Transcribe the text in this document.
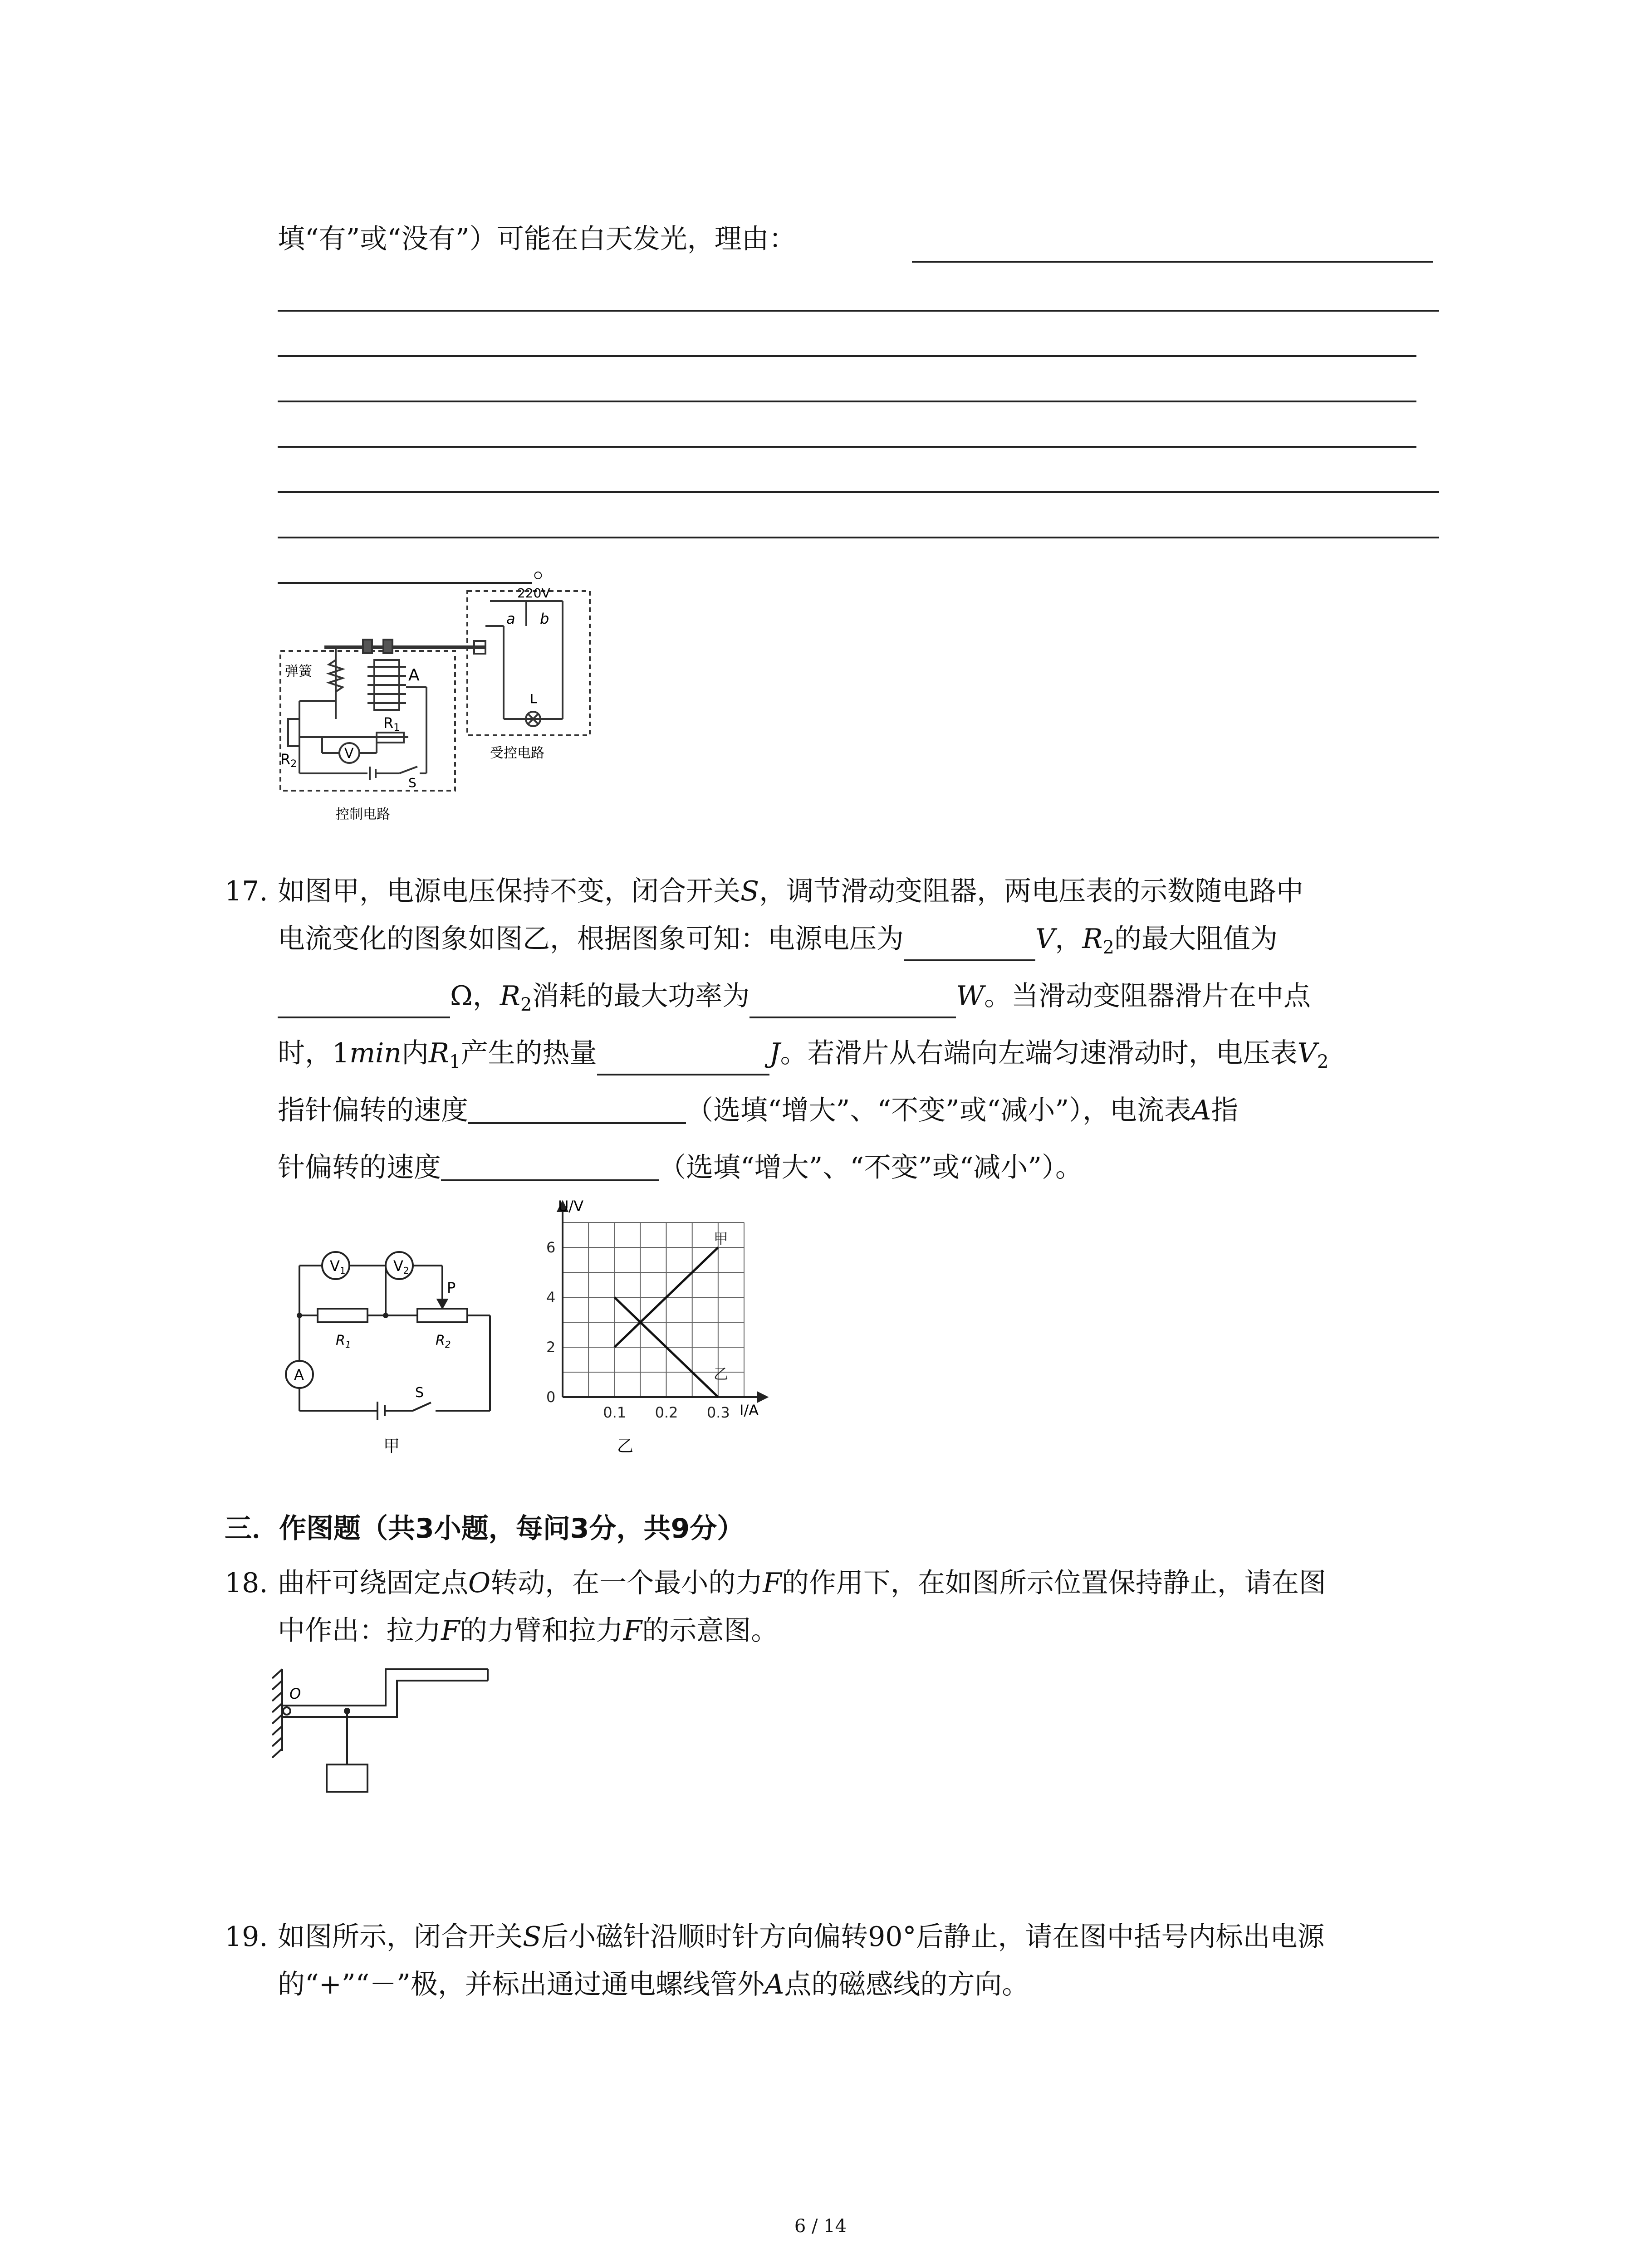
填“有”或“没有”）可能在白天发光，理由：
。
弹簧	A
R1
R2
V
S
控制电路
220V
a b
L
受控电路
17. 如图甲，电源电压保持不变，闭合开关S，调节滑动变阻器，两电压表的示数随电路中
电流变化的图象如图乙，根据图象可知：电源电压为	V，$R_2$的最大阻值为
Ω，$R_2$消耗的最大功率为	W。当滑动变阻器滑片在中点
时，1min内$R_1$产生的热量	J。若滑片从右端向左端匀速滑动时，电压表$V_2$
指针偏转的速度	（选填“增大”、“不变”或“减小”），电流表A指
针偏转的速度	（选填“增大”、“不变”或“减小”）。
V1	V2
P
$R_1$	$R_2$
A
S
甲
0
2
4
6
0.1 0.2 0.3
甲
乙
U/V
I/A
乙
三．作图题（共3小题，每问3分，共9分）
18. 曲杆可绕固定点O转动，在一个最小的力F的作用下，在如图所示位置保持静止，请在图
中作出：拉力F的力臂和拉力F的示意图。
O
19. 如图所示，闭合开关S后小磁针沿顺时针方向偏转90°后静止，请在图中括号内标出电源
的“+”“－”极，并标出通过通电螺线管外A点的磁感线的方向。
6 / 14
